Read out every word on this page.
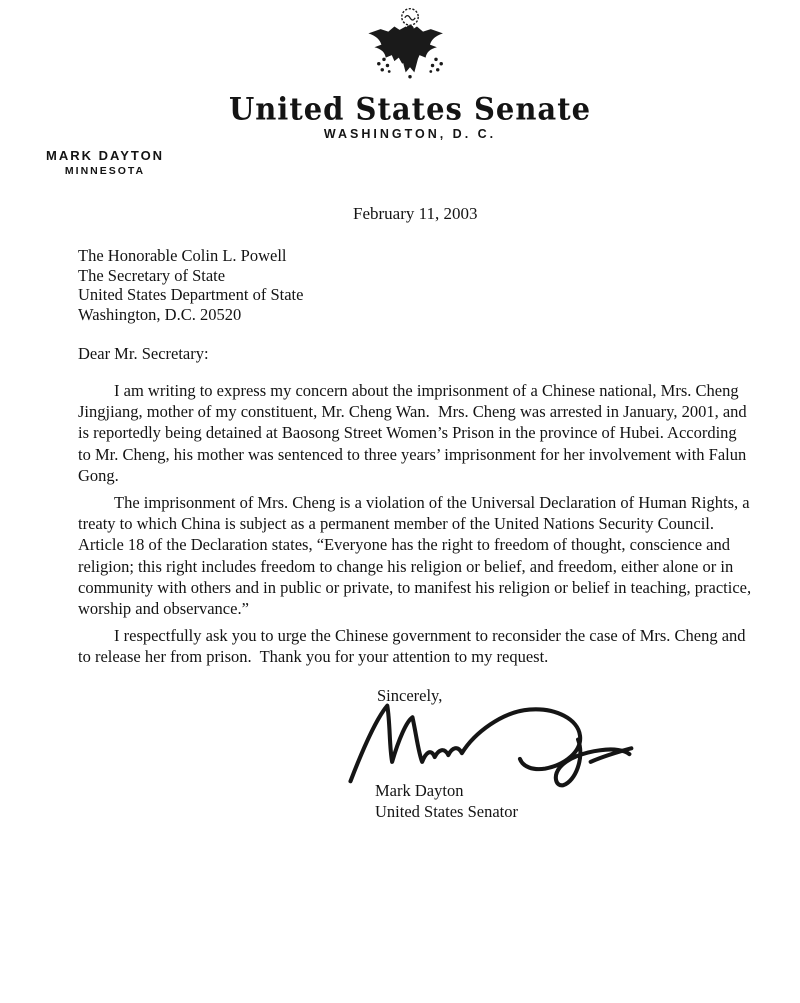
United States Senate
WASHINGTON, D. C.
MARK DAYTON
MINNESOTA
February 11, 2003
The Honorable Colin L. Powell
The Secretary of State
United States Department of State
Washington, D.C. 20520
Dear Mr. Secretary:

I am writing to express my concern about the imprisonment of a Chinese national, Mrs. Cheng Jingjiang, mother of my constituent, Mr. Cheng Wan.  Mrs. Cheng was arrested in January, 2001, and is reportedly being detained at Baosong Street Women’s Prison in the province of Hubei. According to Mr. Cheng, his mother was sentenced to three years’ imprisonment for her involvement with Falun Gong.

The imprisonment of Mrs. Cheng is a violation of the Universal Declaration of Human Rights, a treaty to which China is subject as a permanent member of the United Nations Security Council. Article 18 of the Declaration states, “Everyone has the right to freedom of thought, conscience and religion; this right includes freedom to change his religion or belief, and freedom, either alone or in community with others and in public or private, to manifest his religion or belief in teaching, practice, worship and observance.”

I respectfully ask you to urge the Chinese government to reconsider the case of Mrs. Cheng and to release her from prison.  Thank you for your attention to my request.

Sincerely,
Mark Dayton
United States Senator
